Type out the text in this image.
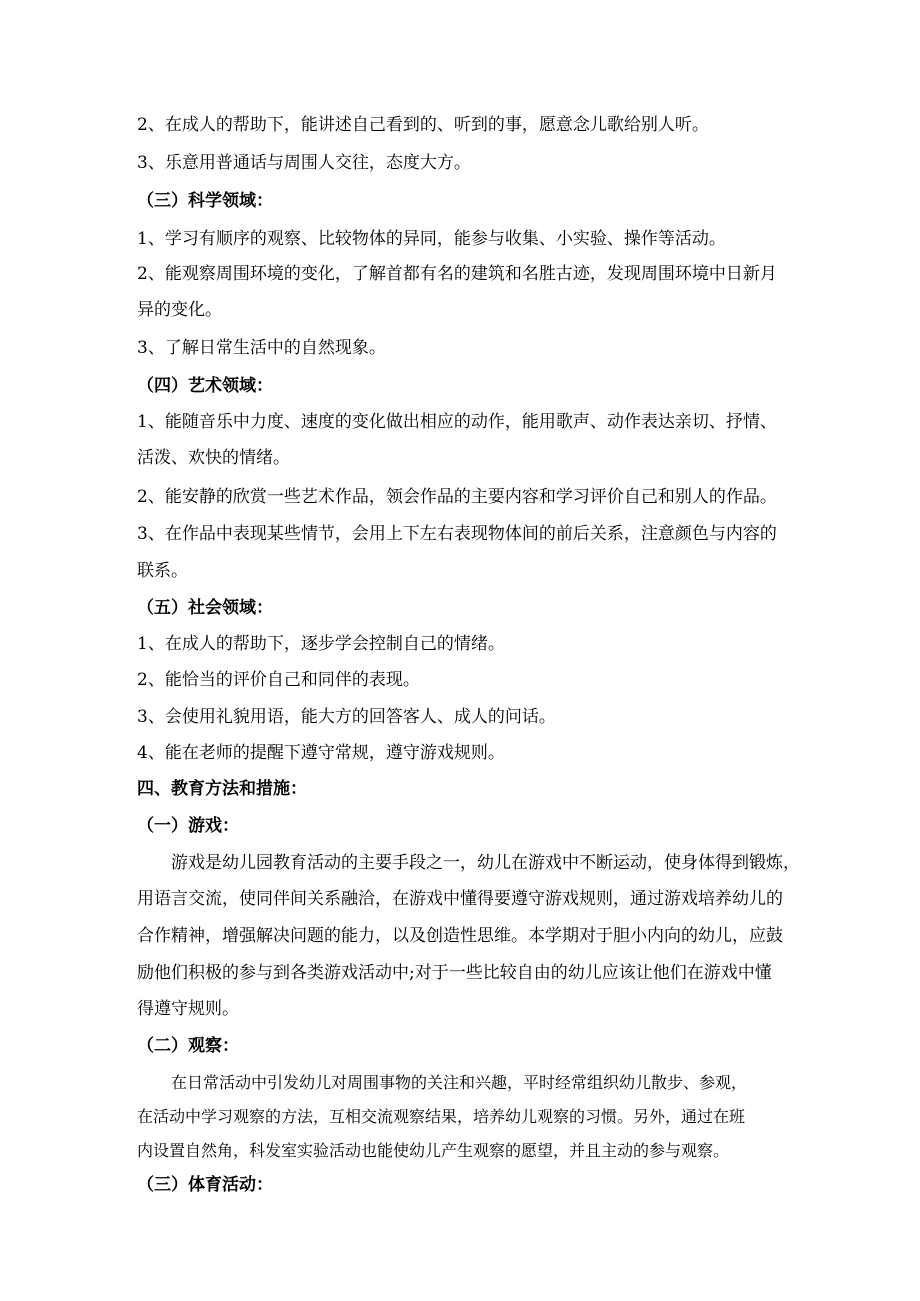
2、在成人的帮助下，能讲述自己看到的、听到的事，愿意念儿歌给别人听。
3、乐意用普通话与周围人交往，态度大方。
（三）科学领域：
1、学习有顺序的观察、比较物体的异同，能参与收集、小实验、操作等活动。
2、能观察周围环境的变化，了解首都有名的建筑和名胜古迹，发现周围环境中日新月
异的变化。
3、了解日常生活中的自然现象。
（四）艺术领域：
1、能随音乐中力度、速度的变化做出相应的动作，能用歌声、动作表达亲切、抒情、
活泼、欢快的情绪。
2、能安静的欣赏一些艺术作品，领会作品的主要内容和学习评价自己和别人的作品。
3、在作品中表现某些情节，会用上下左右表现物体间的前后关系，注意颜色与内容的
联系。
（五）社会领域：
1、在成人的帮助下，逐步学会控制自己的情绪。
2、能恰当的评价自己和同伴的表现。
3、会使用礼貌用语，能大方的回答客人、成人的问话。
4、能在老师的提醒下遵守常规，遵守游戏规则。
四、教育方法和措施：
（一）游戏：
游戏是幼儿园教育活动的主要手段之一，幼儿在游戏中不断运动，使身体得到锻炼，
用语言交流，使同伴间关系融洽，在游戏中懂得要遵守游戏规则，通过游戏培养幼儿的
合作精神，增强解决问题的能力，以及创造性思维。本学期对于胆小内向的幼儿，应鼓
励他们积极的参与到各类游戏活动中;对于一些比较自由的幼儿应该让他们在游戏中懂
得遵守规则。
（二）观察：
在日常活动中引发幼儿对周围事物的关注和兴趣，平时经常组织幼儿散步、参观，
在活动中学习观察的方法，互相交流观察结果，培养幼儿观察的习惯。另外，通过在班
内设置自然角，科发室实验活动也能使幼儿产生观察的愿望，并且主动的参与观察。
（三）体育活动：
